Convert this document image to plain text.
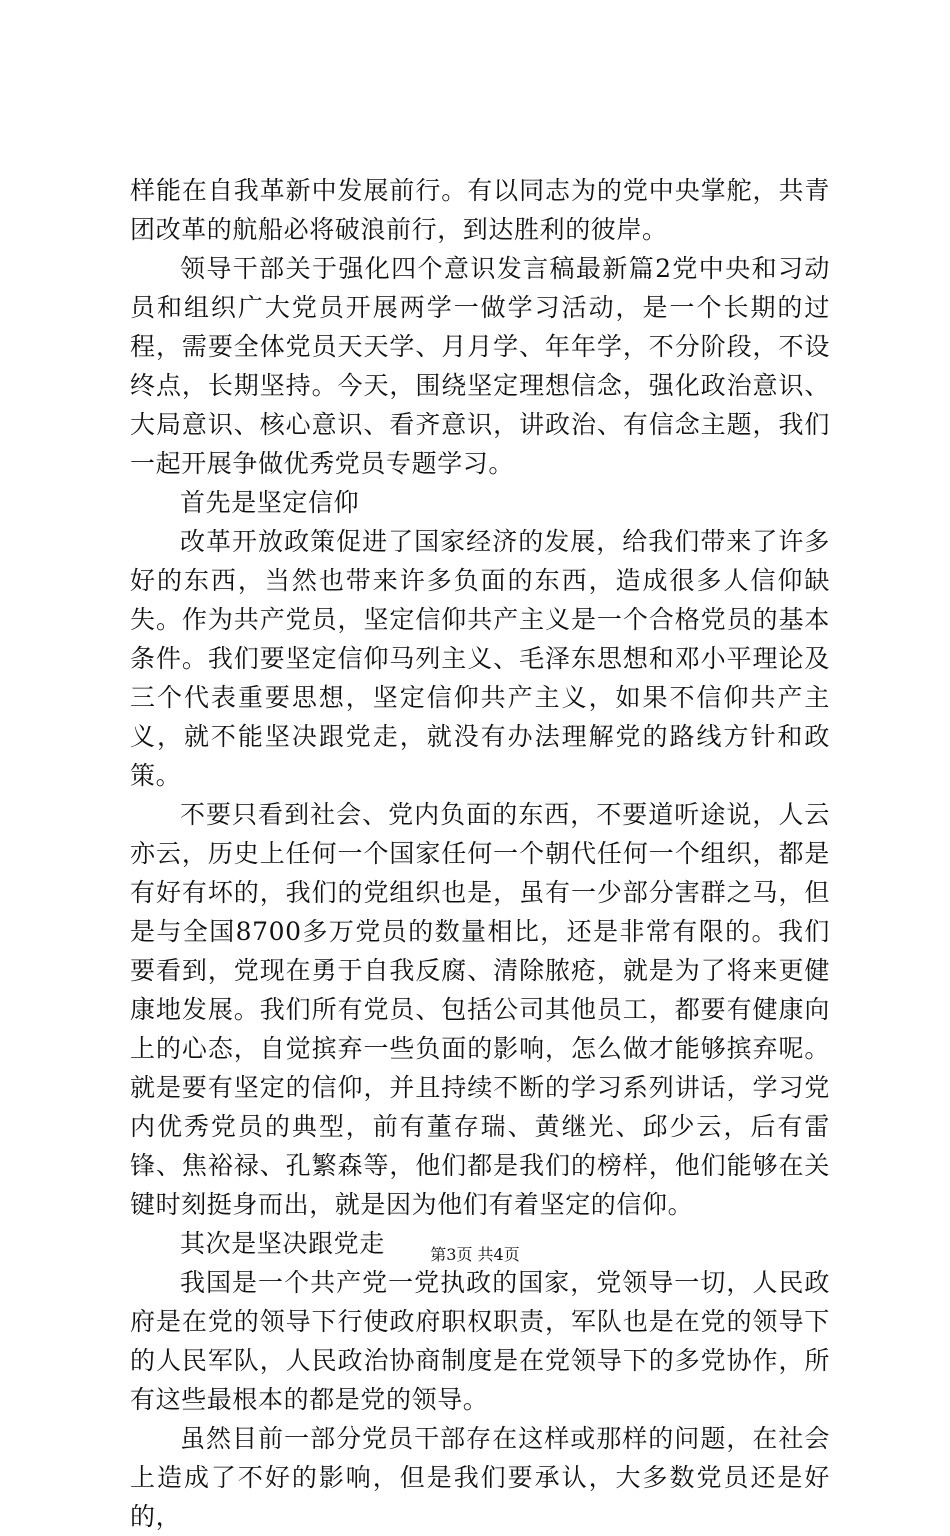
样能在自我革新中发展前行。有以同志为的党中央掌舵，共青团改革的航船必将破浪前行，到达胜利的彼岸。

领导干部关于强化四个意识发言稿最新篇2党中央和习动员和组织广大党员开展两学一做学习活动，是一个长期的过程，需要全体党员天天学、月月学、年年学，不分阶段，不设终点，长期坚持。今天，围绕坚定理想信念，强化政治意识、大局意识、核心意识、看齐意识，讲政治、有信念主题，我们一起开展争做优秀党员专题学习。

首先是坚定信仰

改革开放政策促进了国家经济的发展，给我们带来了许多好的东西，当然也带来许多负面的东西，造成很多人信仰缺失。作为共产党员，坚定信仰共产主义是一个合格党员的基本条件。我们要坚定信仰马列主义、毛泽东思想和邓小平理论及三个代表重要思想，坚定信仰共产主义，如果不信仰共产主义，就不能坚决跟党走，就没有办法理解党的路线方针和政策。

不要只看到社会、党内负面的东西，不要道听途说，人云亦云，历史上任何一个国家任何一个朝代任何一个组织，都是有好有坏的，我们的党组织也是，虽有一少部分害群之马，但是与全国8700多万党员的数量相比，还是非常有限的。我们要看到，党现在勇于自我反腐、清除脓疮，就是为了将来更健康地发展。我们所有党员、包括公司其他员工，都要有健康向上的心态，自觉摈弃一些负面的影响，怎么做才能够摈弃呢。就是要有坚定的信仰，并且持续不断的学习系列讲话，学习党内优秀党员的典型，前有董存瑞、黄继光、邱少云，后有雷锋、焦裕禄、孔繁森等，他们都是我们的榜样，他们能够在关键时刻挺身而出，就是因为他们有着坚定的信仰。

其次是坚决跟党走

我国是一个共产党一党执政的国家，党领导一切，人民政府是在党的领导下行使政府职权职责，军队也是在党的领导下的人民军队，人民政治协商制度是在党领导下的多党协作，所有这些最根本的都是党的领导。

虽然目前一部分党员干部存在这样或那样的问题，在社会上造成了不好的影响，但是我们要承认，大多数党员还是好的，

第3页 共4页
